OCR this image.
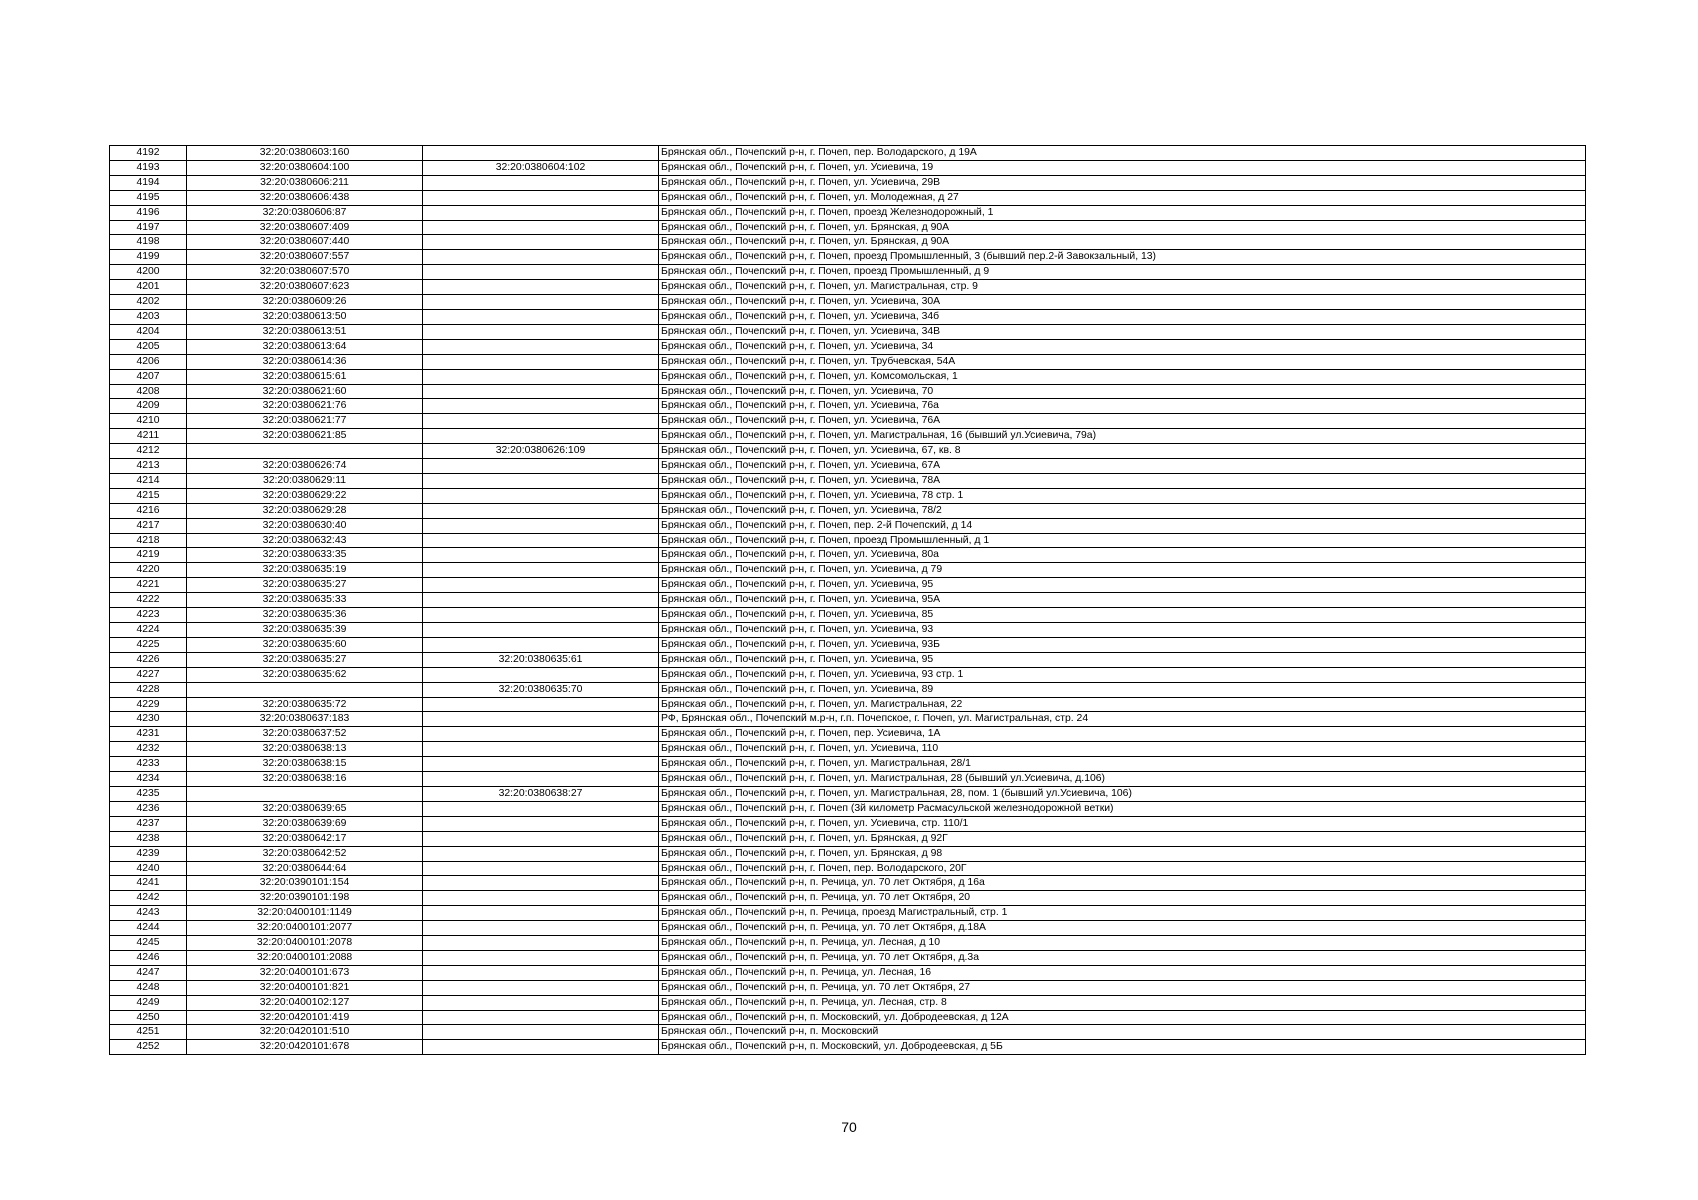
4192	32:20:0380603:160		Брянская обл., Почепский р-н, г. Почеп, пер. Володарского, д 19А
4193	32:20:0380604:100	32:20:0380604:102	Брянская обл., Почепский р-н, г. Почеп, ул. Усиевича, 19
4194	32:20:0380606:211		Брянская обл., Почепский р-н, г. Почеп, ул. Усиевича, 29В
4195	32:20:0380606:438		Брянская обл., Почепский р-н, г. Почеп, ул. Молодежная, д 27
4196	32:20:0380606:87		Брянская обл., Почепский р-н, г. Почеп, проезд Железнодорожный, 1
4197	32:20:0380607:409		Брянская обл., Почепский р-н, г. Почеп, ул. Брянская, д 90А
4198	32:20:0380607:440		Брянская обл., Почепский р-н, г. Почеп, ул. Брянская, д 90А
4199	32:20:0380607:557		Брянская обл., Почепский р-н, г. Почеп, проезд Промышленный, 3 (бывший пер.2-й Завокзальный, 13)
4200	32:20:0380607:570		Брянская обл., Почепский р-н, г. Почеп, проезд Промышленный, д 9
4201	32:20:0380607:623		Брянская обл., Почепский р-н, г. Почеп, ул. Магистральная, стр. 9
4202	32:20:0380609:26		Брянская обл., Почепский р-н, г. Почеп, ул. Усиевича, 30А
4203	32:20:0380613:50		Брянская обл., Почепский р-н, г. Почеп, ул. Усиевича, 34б
4204	32:20:0380613:51		Брянская обл., Почепский р-н, г. Почеп, ул. Усиевича, 34В
4205	32:20:0380613:64		Брянская обл., Почепский р-н, г. Почеп, ул. Усиевича, 34
4206	32:20:0380614:36		Брянская обл., Почепский р-н, г. Почеп, ул. Трубчевская, 54А
4207	32:20:0380615:61		Брянская обл., Почепский р-н, г. Почеп, ул. Комсомольская, 1
4208	32:20:0380621:60		Брянская обл., Почепский р-н, г. Почеп, ул. Усиевича, 70
4209	32:20:0380621:76		Брянская обл., Почепский р-н, г. Почеп, ул. Усиевича, 76а
4210	32:20:0380621:77		Брянская обл., Почепский р-н, г. Почеп, ул. Усиевича, 76А
4211	32:20:0380621:85		Брянская обл., Почепский р-н, г. Почеп, ул. Магистральная, 16 (бывший ул.Усиевича, 79а)
4212		32:20:0380626:109	Брянская обл., Почепский р-н, г. Почеп, ул. Усиевича, 67, кв. 8
4213	32:20:0380626:74		Брянская обл., Почепский р-н, г. Почеп, ул. Усиевича, 67А
4214	32:20:0380629:11		Брянская обл., Почепский р-н, г. Почеп, ул. Усиевича, 78А
4215	32:20:0380629:22		Брянская обл., Почепский р-н, г. Почеп, ул. Усиевича, 78 стр. 1
4216	32:20:0380629:28		Брянская обл., Почепский р-н, г. Почеп, ул. Усиевича, 78/2
4217	32:20:0380630:40		Брянская обл., Почепский р-н, г. Почеп, пер. 2-й Почепский, д 14
4218	32:20:0380632:43		Брянская обл., Почепский р-н, г. Почеп, проезд Промышленный, д 1
4219	32:20:0380633:35		Брянская обл., Почепский р-н, г. Почеп, ул. Усиевича, 80а
4220	32:20:0380635:19		Брянская обл., Почепский р-н, г. Почеп, ул. Усиевича, д 79
4221	32:20:0380635:27		Брянская обл., Почепский р-н, г. Почеп, ул. Усиевича, 95
4222	32:20:0380635:33		Брянская обл., Почепский р-н, г. Почеп, ул. Усиевича, 95А
4223	32:20:0380635:36		Брянская обл., Почепский р-н, г. Почеп, ул. Усиевича, 85
4224	32:20:0380635:39		Брянская обл., Почепский р-н, г. Почеп, ул. Усиевича, 93
4225	32:20:0380635:60		Брянская обл., Почепский р-н, г. Почеп, ул. Усиевича, 93Б
4226	32:20:0380635:27	32:20:0380635:61	Брянская обл., Почепский р-н, г. Почеп, ул. Усиевича, 95
4227	32:20:0380635:62		Брянская обл., Почепский р-н, г. Почеп, ул. Усиевича, 93 стр. 1
4228		32:20:0380635:70	Брянская обл., Почепский р-н, г. Почеп, ул. Усиевича, 89
4229	32:20:0380635:72		Брянская обл., Почепский р-н, г. Почеп, ул. Магистральная, 22
4230	32:20:0380637:183		РФ, Брянская обл., Почепский м.р-н, г.п. Почепское, г. Почеп, ул. Магистральная, стр. 24
4231	32:20:0380637:52		Брянская обл., Почепский р-н, г. Почеп, пер. Усиевича, 1А
4232	32:20:0380638:13		Брянская обл., Почепский р-н, г. Почеп, ул. Усиевича, 110
4233	32:20:0380638:15		Брянская обл., Почепский р-н, г. Почеп, ул. Магистральная, 28/1
4234	32:20:0380638:16		Брянская обл., Почепский р-н, г. Почеп, ул. Магистральная, 28 (бывший ул.Усиевича, д.106)
4235		32:20:0380638:27	Брянская обл., Почепский р-н, г. Почеп, ул. Магистральная, 28, пом. 1 (бывший ул.Усиевича, 106)
4236	32:20:0380639:65		Брянская обл., Почепский р-н, г. Почеп (3й километр Расмасульской железнодорожной ветки)
4237	32:20:0380639:69		Брянская обл., Почепский р-н, г. Почеп, ул. Усиевича, стр. 110/1
4238	32:20:0380642:17		Брянская обл., Почепский р-н, г. Почеп, ул. Брянская, д 92Г
4239	32:20:0380642:52		Брянская обл., Почепский р-н, г. Почеп, ул. Брянская, д 98
4240	32:20:0380644:64		Брянская обл., Почепский р-н, г. Почеп, пер. Володарского, 20Г
4241	32:20:0390101:154		Брянская обл., Почепский р-н, п. Речица, ул. 70 лет Октября, д 16а
4242	32:20:0390101:198		Брянская обл., Почепский р-н, п. Речица, ул. 70 лет Октября, 20
4243	32:20:0400101:1149		Брянская обл., Почепский р-н, п. Речица, проезд Магистральный, стр. 1
4244	32:20:0400101:2077		Брянская обл., Почепский р-н, п. Речица, ул. 70 лет Октября, д.18А
4245	32:20:0400101:2078		Брянская обл., Почепский р-н, п. Речица, ул. Лесная, д 10
4246	32:20:0400101:2088		Брянская обл., Почепский р-н, п. Речица, ул. 70 лет Октября, д.3а
4247	32:20:0400101:673		Брянская обл., Почепский р-н, п. Речица, ул. Лесная, 16
4248	32:20:0400101:821		Брянская обл., Почепский р-н, п. Речица, ул. 70 лет Октября, 27
4249	32:20:0400102:127		Брянская обл., Почепский р-н, п. Речица, ул. Лесная, стр. 8
4250	32:20:0420101:419		Брянская обл., Почепский р-н, п. Московский, ул. Добродеевская, д 12А
4251	32:20:0420101:510		Брянская обл., Почепский р-н, п. Московский
4252	32:20:0420101:678		Брянская обл., Почепский р-н, п. Московский, ул. Добродеевская, д 5Б
70
